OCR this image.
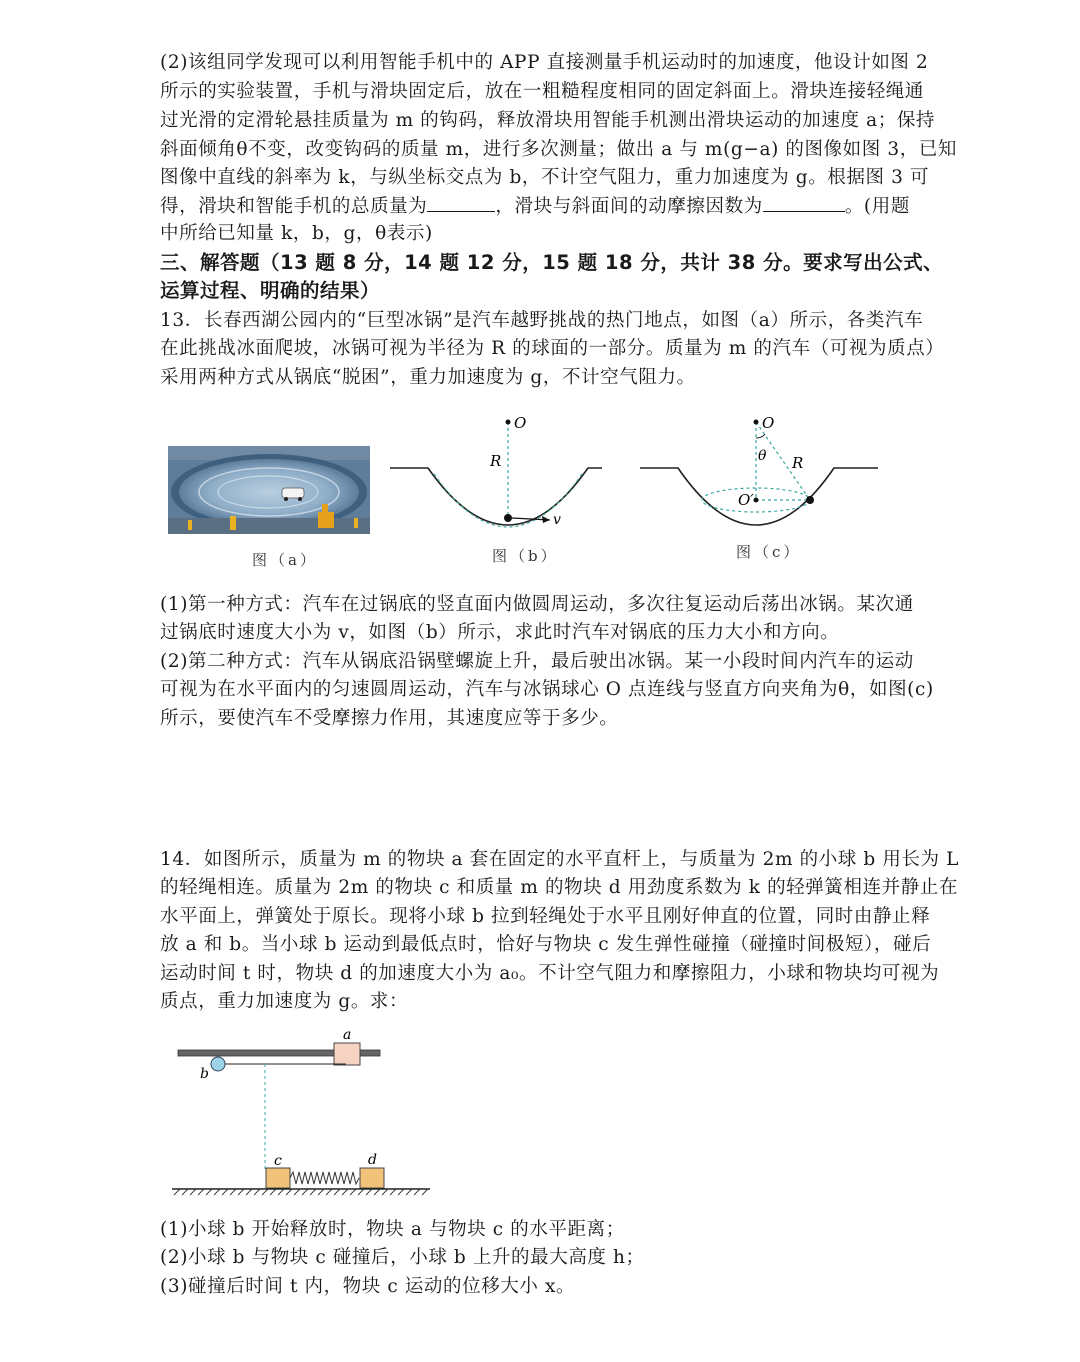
(2)该组同学发现可以利用智能手机中的 APP 直接测量手机运动时的加速度，他设计如图 2
所示的实验装置，手机与滑块固定后，放在一粗糙程度相同的固定斜面上。滑块连接轻绳通
过光滑的定滑轮悬挂质量为 m 的钩码，释放滑块用智能手机测出滑块运动的加速度 a；保持
斜面倾角θ不变，改变钩码的质量 m，进行多次测量；做出 a 与 m(g−a) 的图像如图 3，已知
图像中直线的斜率为 k，与纵坐标交点为 b，不计空气阻力，重力加速度为 g。根据图 3 可
得，滑块和智能手机的总质量为	，滑块与斜面间的动摩擦因数为	。(用题
中所给已知量 k，b，g，θ表示)
三、解答题（13 题 8 分，14 题 12 分，15 题 18 分，共计 38 分。要求写出公式、
运算过程、明确的结果）
13．长春西湖公园内的“巨型冰锅”是汽车越野挑战的热门地点，如图（a）所示，各类汽车
在此挑战冰面爬坡，冰锅可视为半径为 R 的球面的一部分。质量为 m 的汽车（可视为质点）
采用两种方式从锅底“脱困”，重力加速度为 g，不计空气阻力。
图（a）
O
R
v
图（b）
O
θ R
O′
图（c）
(1)第一种方式：汽车在过锅底的竖直面内做圆周运动，多次往复运动后荡出冰锅。某次通
过锅底时速度大小为 v，如图（b）所示，求此时汽车对锅底的压力大小和方向。
(2)第二种方式：汽车从锅底沿锅壁螺旋上升，最后驶出冰锅。某一小段时间内汽车的运动
可视为在水平面内的匀速圆周运动，汽车与冰锅球心 O 点连线与竖直方向夹角为θ，如图(c)
所示，要使汽车不受摩擦力作用，其速度应等于多少。
14．如图所示，质量为 m 的物块 a 套在固定的水平直杆上，与质量为 2m 的小球 b 用长为 L
的轻绳相连。质量为 2m 的物块 c 和质量 m 的物块 d 用劲度系数为 k 的轻弹簧相连并静止在
水平面上，弹簧处于原长。现将小球 b 拉到轻绳处于水平且刚好伸直的位置，同时由静止释
放 a 和 b。当小球 b 运动到最低点时，恰好与物块 c 发生弹性碰撞（碰撞时间极短），碰后
运动时间 t 时，物块 d 的加速度大小为 a₀。不计空气阻力和摩擦阻力，小球和物块均可视为
质点，重力加速度为 g。求：
a
b
c	d
(1)小球 b 开始释放时，物块 a 与物块 c 的水平距离；
(2)小球 b 与物块 c 碰撞后，小球 b 上升的最大高度 h；
(3)碰撞后时间 t 内，物块 c 运动的位移大小 x。
